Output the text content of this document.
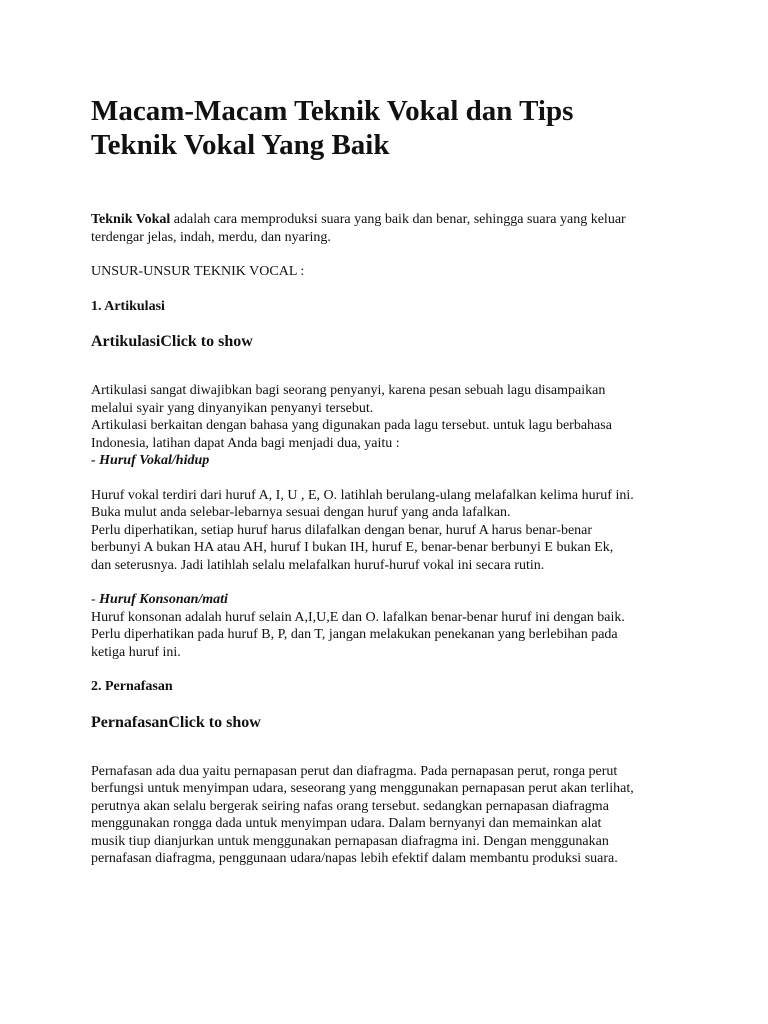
Macam-Macam Teknik Vokal dan Tips
Teknik Vokal Yang Baik

Teknik Vokal adalah cara memproduksi suara yang baik dan benar, sehingga suara yang keluar
terdengar jelas, indah, merdu, dan nyaring.

UNSUR-UNSUR TEKNIK VOCAL :

1. Artikulasi

ArtikulasiClick to show

Artikulasi sangat diwajibkan bagi seorang penyanyi, karena pesan sebuah lagu disampaikan
melalui syair yang dinyanyikan penyanyi tersebut.
Artikulasi berkaitan dengan bahasa yang digunakan pada lagu tersebut. untuk lagu berbahasa
Indonesia, latihan dapat Anda bagi menjadi dua, yaitu :
- Huruf Vokal/hidup

Huruf vokal terdiri dari huruf A, I, U , E, O. latihlah berulang-ulang melafalkan kelima huruf ini.
Buka mulut anda selebar-lebarnya sesuai dengan huruf yang anda lafalkan.
Perlu diperhatikan, setiap huruf harus dilafalkan dengan benar, huruf A harus benar-benar
berbunyi A bukan HA atau AH, huruf I bukan IH, huruf E, benar-benar berbunyi E bukan Ek,
dan seterusnya. Jadi latihlah selalu melafalkan huruf-huruf vokal ini secara rutin.

- Huruf Konsonan/mati
Huruf konsonan adalah huruf selain A,I,U,E dan O. lafalkan benar-benar huruf ini dengan baik.
Perlu diperhatikan pada huruf B, P, dan T, jangan melakukan penekanan yang berlebihan pada
ketiga huruf ini.

2. Pernafasan

PernafasanClick to show

Pernafasan ada dua yaitu pernapasan perut dan diafragma. Pada pernapasan perut, ronga perut
berfungsi untuk menyimpan udara, seseorang yang menggunakan pernapasan perut akan terlihat,
perutnya akan selalu bergerak seiring nafas orang tersebut. sedangkan pernapasan diafragma
menggunakan rongga dada untuk menyimpan udara. Dalam bernyanyi dan memainkan alat
musik tiup dianjurkan untuk menggunakan pernapasan diafragma ini. Dengan menggunakan
pernafasan diafragma, penggunaan udara/napas lebih efektif dalam membantu produksi suara.
